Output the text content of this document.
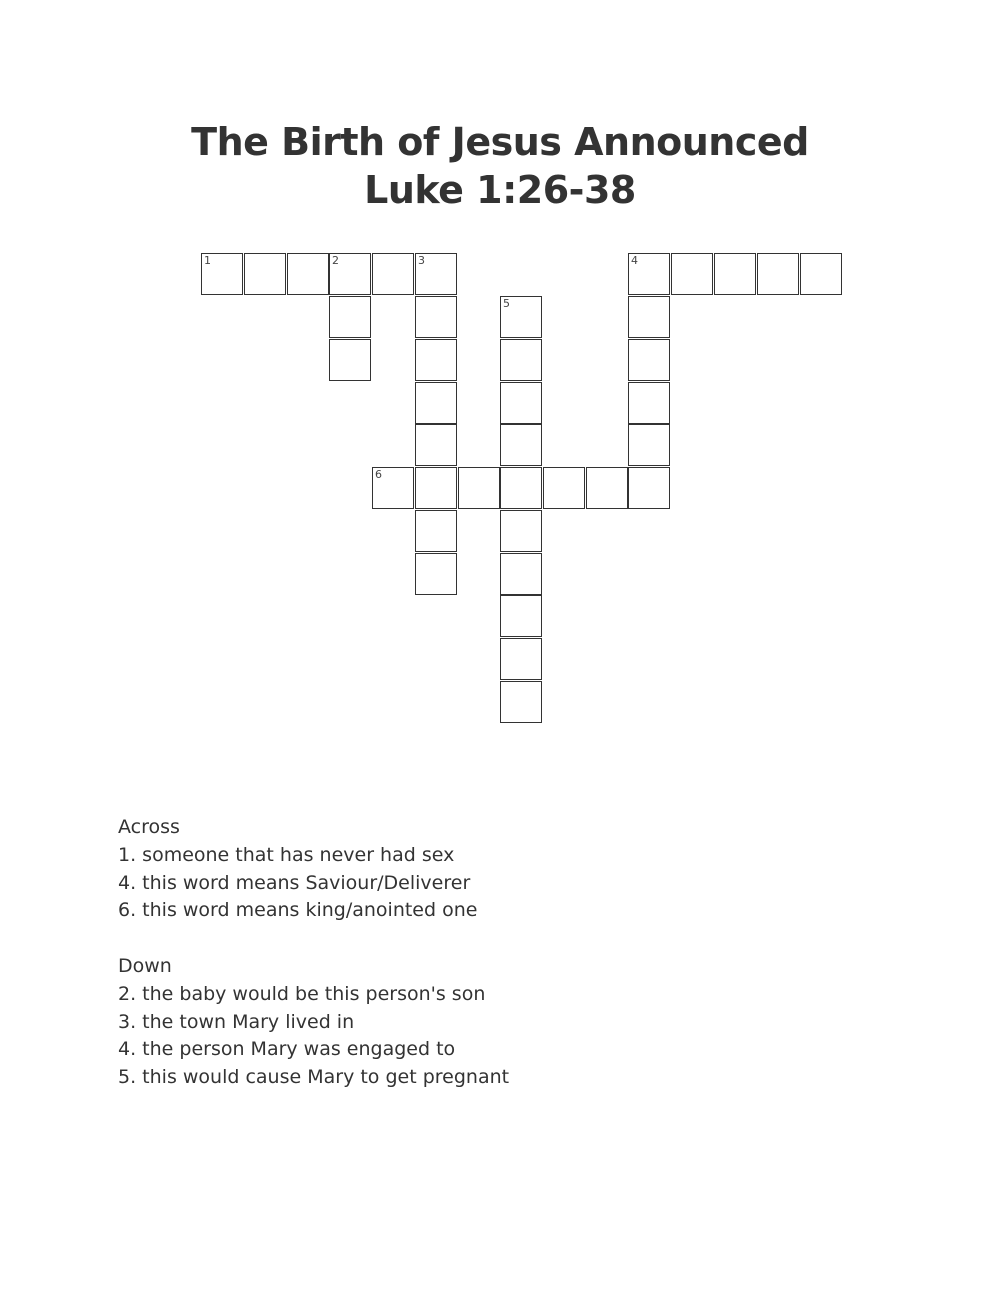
The Birth of Jesus Announced
Luke 1:26-38
1	2	3	4
5
6
Across
1. someone that has never had sex
4. this word means Saviour/Deliverer
6. this word means king/anointed one
Down
2. the baby would be this person's son
3. the town Mary lived in
4. the person Mary was engaged to
5. this would cause Mary to get pregnant
